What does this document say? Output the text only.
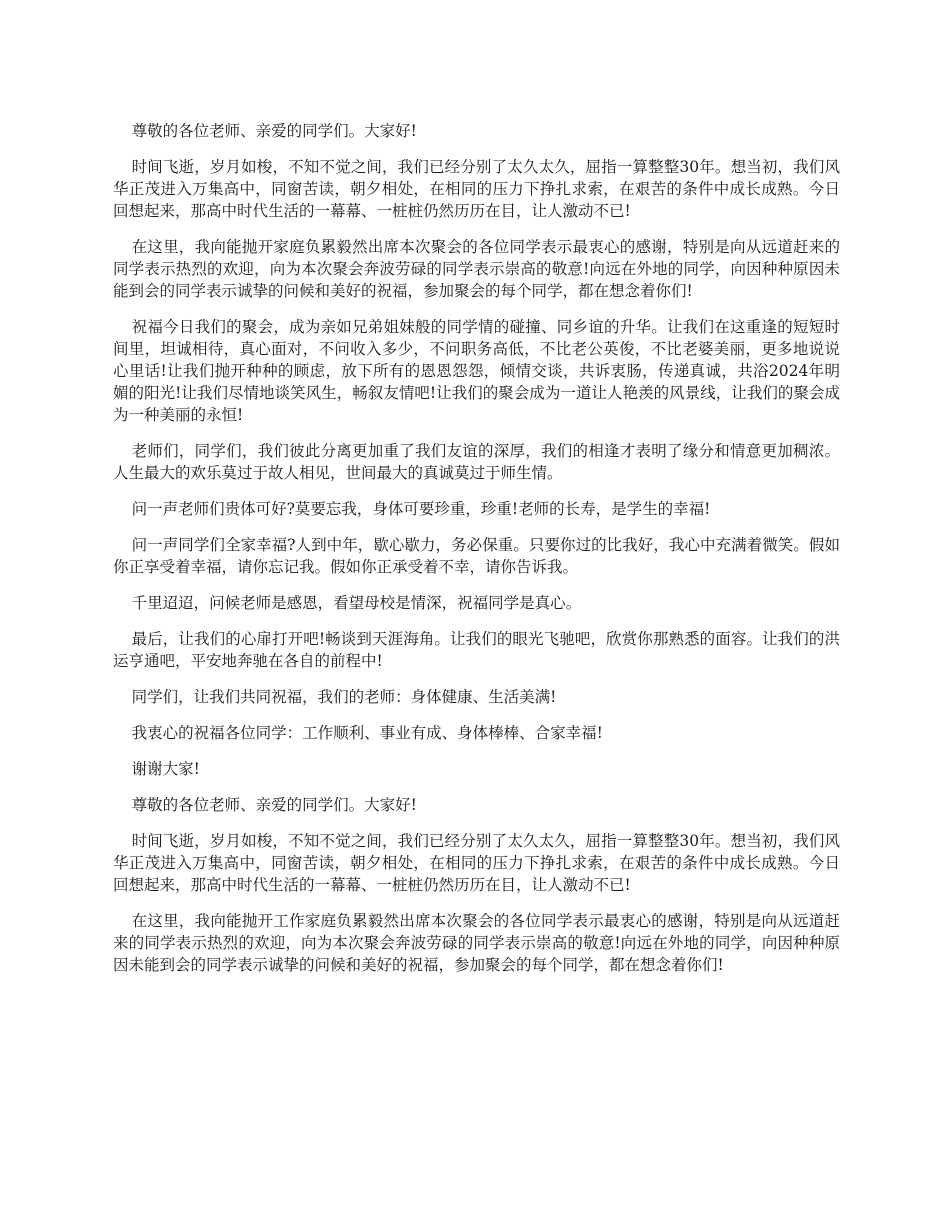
尊敬的各位老师、亲爱的同学们。大家好!

时间飞逝，岁月如梭，不知不觉之间，我们已经分别了太久太久，屈指一算整整30年。想当初，我们风华正茂进入万集高中，同窗苦读，朝夕相处，在相同的压力下挣扎求索，在艰苦的条件中成长成熟。今日回想起来，那高中时代生活的一幕幕、一桩桩仍然历历在目，让人激动不已!

在这里，我向能抛开家庭负累毅然出席本次聚会的各位同学表示最衷心的感谢，特别是向从远道赶来的同学表示热烈的欢迎，向为本次聚会奔波劳碌的同学表示崇高的敬意!向远在外地的同学，向因种种原因未能到会的同学表示诚挚的问候和美好的祝福，参加聚会的每个同学，都在想念着你们!

祝福今日我们的聚会，成为亲如兄弟姐妹般的同学情的碰撞、同乡谊的升华。让我们在这重逢的短短时间里，坦诚相待，真心面对，不问收入多少，不问职务高低，不比老公英俊，不比老婆美丽，更多地说说心里话!让我们抛开种种的顾虑，放下所有的恩恩怨怨，倾情交谈，共诉衷肠，传递真诚，共浴2024年明媚的阳光!让我们尽情地谈笑风生，畅叙友情吧!让我们的聚会成为一道让人艳羡的风景线，让我们的聚会成为一种美丽的永恒!

老师们，同学们，我们彼此分离更加重了我们友谊的深厚，我们的相逢才表明了缘分和情意更加稠浓。人生最大的欢乐莫过于故人相见，世间最大的真诚莫过于师生情。

问一声老师们贵体可好?莫要忘我，身体可要珍重，珍重!老师的长寿，是学生的幸福!

问一声同学们全家幸福?人到中年，歇心歇力，务必保重。只要你过的比我好，我心中充满着微笑。假如你正享受着幸福，请你忘记我。假如你正承受着不幸，请你告诉我。

千里迢迢，问候老师是感恩，看望母校是情深，祝福同学是真心。

最后，让我们的心扉打开吧!畅谈到天涯海角。让我们的眼光飞驰吧，欣赏你那熟悉的面容。让我们的洪运亨通吧，平安地奔驰在各自的前程中!

同学们，让我们共同祝福，我们的老师：身体健康、生活美满!

我衷心的祝福各位同学：工作顺利、事业有成、身体棒棒、合家幸福!

谢谢大家!

尊敬的各位老师、亲爱的同学们。大家好!

时间飞逝，岁月如梭，不知不觉之间，我们已经分别了太久太久，屈指一算整整30年。想当初，我们风华正茂进入万集高中，同窗苦读，朝夕相处，在相同的压力下挣扎求索，在艰苦的条件中成长成熟。今日回想起来，那高中时代生活的一幕幕、一桩桩仍然历历在目，让人激动不已!

在这里，我向能抛开工作家庭负累毅然出席本次聚会的各位同学表示最衷心的感谢，特别是向从远道赶来的同学表示热烈的欢迎，向为本次聚会奔波劳碌的同学表示崇高的敬意!向远在外地的同学，向因种种原因未能到会的同学表示诚挚的问候和美好的祝福，参加聚会的每个同学，都在想念着你们!
